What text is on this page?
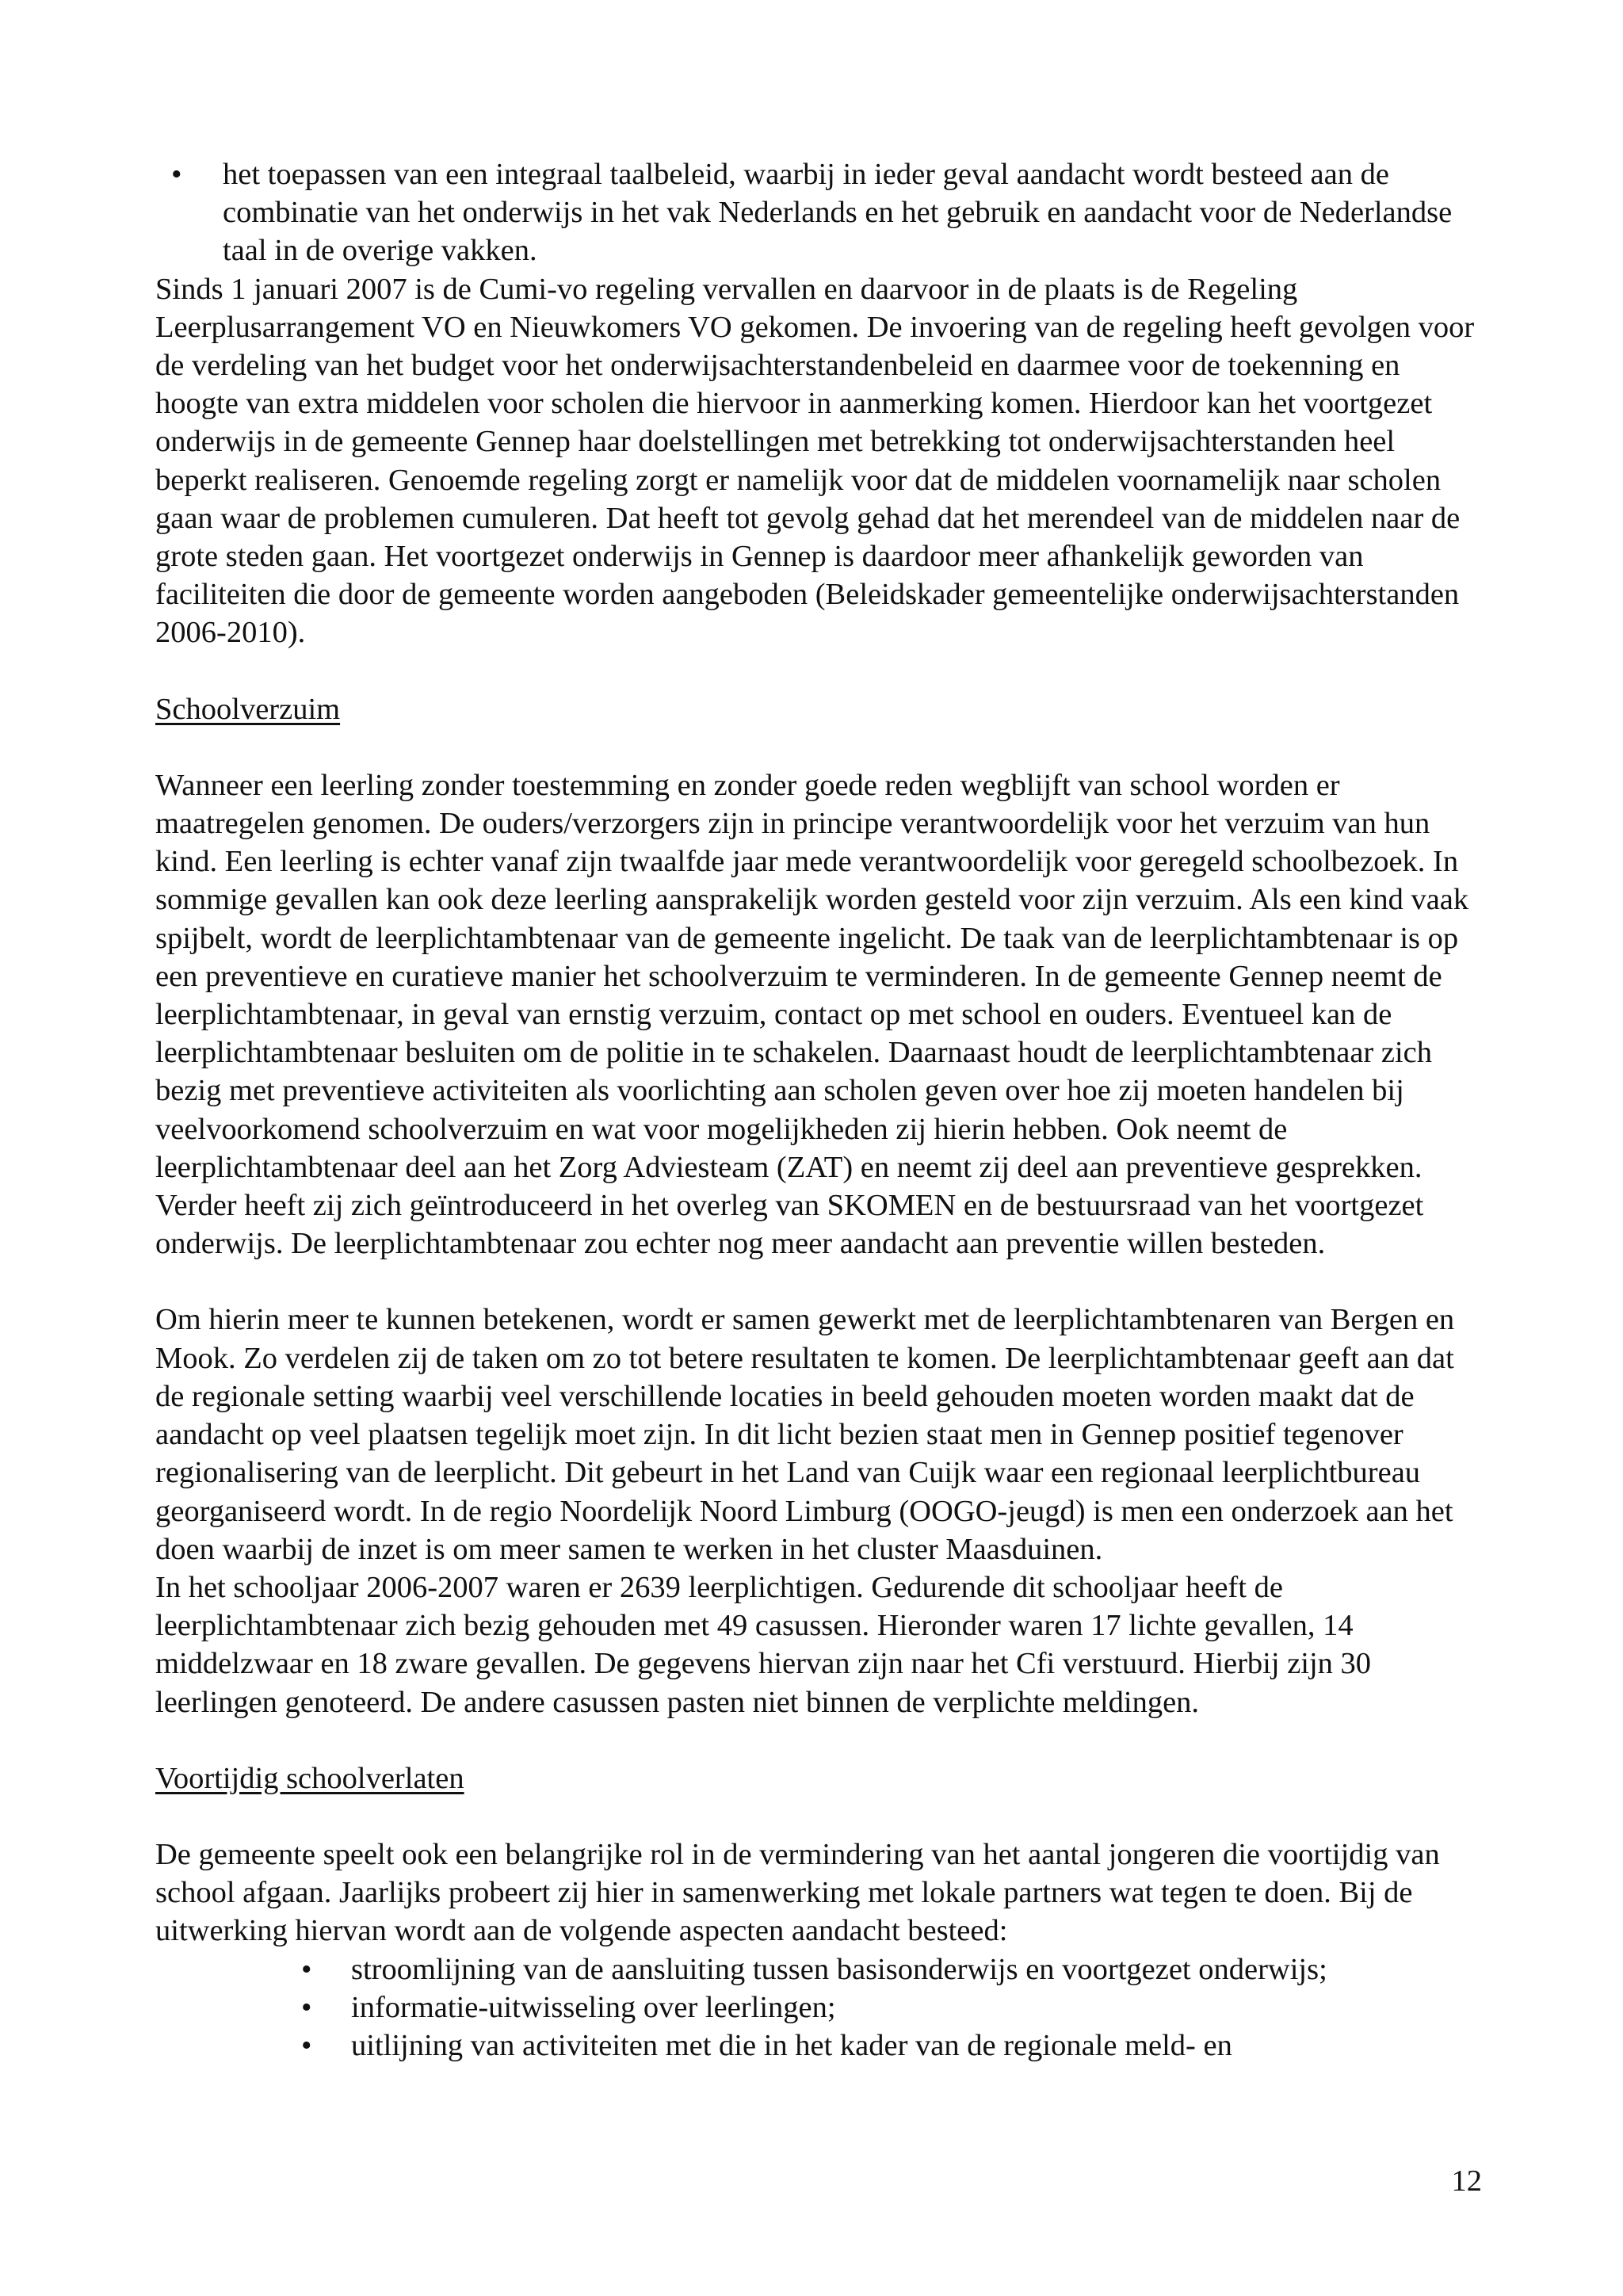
• het toepassen van een integraal taalbeleid, waarbij in ieder geval aandacht wordt besteed aan de combinatie van het onderwijs in het vak Nederlands en het gebruik en aandacht voor de Nederlandse taal in de overige vakken.

Sinds 1 januari 2007 is de Cumi-vo regeling vervallen en daarvoor in de plaats is de Regeling Leerplusarrangement VO en Nieuwkomers VO gekomen. De invoering van de regeling heeft gevolgen voor de verdeling van het budget voor het onderwijsachterstandenbeleid en daarmee voor de toekenning en hoogte van extra middelen voor scholen die hiervoor in aanmerking komen. Hierdoor kan het voortgezet onderwijs in de gemeente Gennep haar doelstellingen met betrekking tot onderwijsachterstanden heel beperkt realiseren. Genoemde regeling zorgt er namelijk voor dat de middelen voornamelijk naar scholen gaan waar de problemen cumuleren. Dat heeft tot gevolg gehad dat het merendeel van de middelen naar de grote steden gaan. Het voortgezet onderwijs in Gennep is daardoor meer afhankelijk geworden van faciliteiten die door de gemeente worden aangeboden (Beleidskader gemeentelijke onderwijsachterstanden 2006-2010).

Schoolverzuim

Wanneer een leerling zonder toestemming en zonder goede reden wegblijft van school worden er maatregelen genomen. De ouders/verzorgers zijn in principe verantwoordelijk voor het verzuim van hun kind. Een leerling is echter vanaf zijn twaalfde jaar mede verantwoordelijk voor geregeld schoolbezoek. In sommige gevallen kan ook deze leerling aansprakelijk worden gesteld voor zijn verzuim. Als een kind vaak spijbelt, wordt de leerplichtambtenaar van de gemeente ingelicht. De taak van de leerplichtambtenaar is op een preventieve en curatieve manier het schoolverzuim te verminderen. In de gemeente Gennep neemt de leerplichtambtenaar, in geval van ernstig verzuim, contact op met school en ouders. Eventueel kan de leerplichtambtenaar besluiten om de politie in te schakelen. Daarnaast houdt de leerplichtambtenaar zich bezig met preventieve activiteiten als voorlichting aan scholen geven over hoe zij moeten handelen bij veelvoorkomend schoolverzuim en wat voor mogelijkheden zij hierin hebben. Ook neemt de leerplichtambtenaar deel aan het Zorg Adviesteam (ZAT) en neemt zij deel aan preventieve gesprekken. Verder heeft zij zich geïntroduceerd in het overleg van SKOMEN en de bestuursraad van het voortgezet onderwijs. De leerplichtambtenaar zou echter nog meer aandacht aan preventie willen besteden.

Om hierin meer te kunnen betekenen, wordt er samen gewerkt met de leerplichtambtenaren van Bergen en Mook. Zo verdelen zij de taken om zo tot betere resultaten te komen. De leerplichtambtenaar geeft aan dat de regionale setting waarbij veel verschillende locaties in beeld gehouden moeten worden maakt dat de aandacht op veel plaatsen tegelijk moet zijn. In dit licht bezien staat men in Gennep positief tegenover regionalisering van de leerplicht. Dit gebeurt in het Land van Cuijk waar een regionaal leerplichtbureau georganiseerd wordt. In de regio Noordelijk Noord Limburg (OOGO-jeugd) is men een onderzoek aan het doen waarbij de inzet is om meer samen te werken in het cluster Maasduinen.

In het schooljaar 2006-2007 waren er 2639 leerplichtigen. Gedurende dit schooljaar heeft de leerplichtambtenaar zich bezig gehouden met 49 casussen. Hieronder waren 17 lichte gevallen, 14 middelzwaar en 18 zware gevallen. De gegevens hiervan zijn naar het Cfi verstuurd. Hierbij zijn 30 leerlingen genoteerd. De andere casussen pasten niet binnen de verplichte meldingen.

Voortijdig schoolverlaten

De gemeente speelt ook een belangrijke rol in de vermindering van het aantal jongeren die voortijdig van school afgaan. Jaarlijks probeert zij hier in samenwerking met lokale partners wat tegen te doen. Bij de uitwerking hiervan wordt aan de volgende aspecten aandacht besteed:

• stroomlijning van de aansluiting tussen basisonderwijs en voortgezet onderwijs;
• informatie-uitwisseling over leerlingen;
• uitlijning van activiteiten met die in het kader van de regionale meld- en
12
